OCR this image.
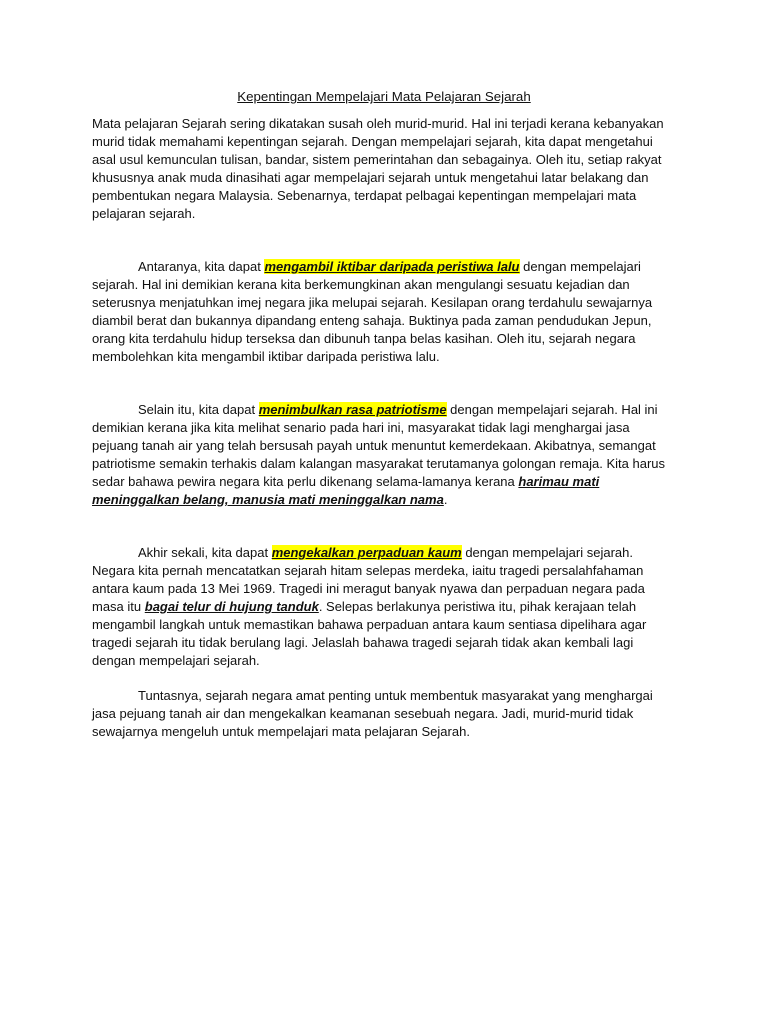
Kepentingan Mempelajari Mata Pelajaran Sejarah

Mata pelajaran Sejarah sering dikatakan susah oleh murid-murid. Hal ini terjadi kerana kebanyakan murid tidak memahami kepentingan sejarah. Dengan mempelajari sejarah, kita dapat mengetahui asal usul kemunculan tulisan, bandar, sistem pemerintahan dan sebagainya. Oleh itu, setiap rakyat khususnya anak muda dinasihati agar mempelajari sejarah untuk mengetahui latar belakang dan pembentukan negara Malaysia. Sebenarnya, terdapat pelbagai kepentingan mempelajari mata pelajaran sejarah.

Antaranya, kita dapat mengambil iktibar daripada peristiwa lalu dengan mempelajari sejarah. Hal ini demikian kerana kita berkemungkinan akan mengulangi sesuatu kejadian dan seterusnya menjatuhkan imej negara jika melupai sejarah. Kesilapan orang terdahulu sewajarnya diambil berat dan bukannya dipandang enteng sahaja. Buktinya pada zaman pendudukan Jepun, orang kita terdahulu hidup terseksa dan dibunuh tanpa belas kasihan. Oleh itu, sejarah negara membolehkan kita mengambil iktibar daripada peristiwa lalu.

Selain itu, kita dapat menimbulkan rasa patriotisme dengan mempelajari sejarah. Hal ini demikian kerana jika kita melihat senario pada hari ini, masyarakat tidak lagi menghargai jasa pejuang tanah air yang telah bersusah payah untuk menuntut kemerdekaan. Akibatnya, semangat patriotisme semakin terhakis dalam kalangan masyarakat terutamanya golongan remaja. Kita harus sedar bahawa pewira negara kita perlu dikenang selama-lamanya kerana harimau mati meninggalkan belang, manusia mati meninggalkan nama.

Akhir sekali, kita dapat mengekalkan perpaduan kaum dengan mempelajari sejarah. Negara kita pernah mencatatkan sejarah hitam selepas merdeka, iaitu tragedi persalahfahaman antara kaum pada 13 Mei 1969. Tragedi ini meragut banyak nyawa dan perpaduan negara pada masa itu bagai telur di hujung tanduk. Selepas berlakunya peristiwa itu, pihak kerajaan telah mengambil langkah untuk memastikan bahawa perpaduan antara kaum sentiasa dipelihara agar tragedi sejarah itu tidak berulang lagi. Jelaslah bahawa tragedi sejarah tidak akan kembali lagi dengan mempelajari sejarah.

Tuntasnya, sejarah negara amat penting untuk membentuk masyarakat yang menghargai jasa pejuang tanah air dan mengekalkan keamanan sesebuah negara. Jadi, murid-murid tidak sewajarnya mengeluh untuk mempelajari mata pelajaran Sejarah.
